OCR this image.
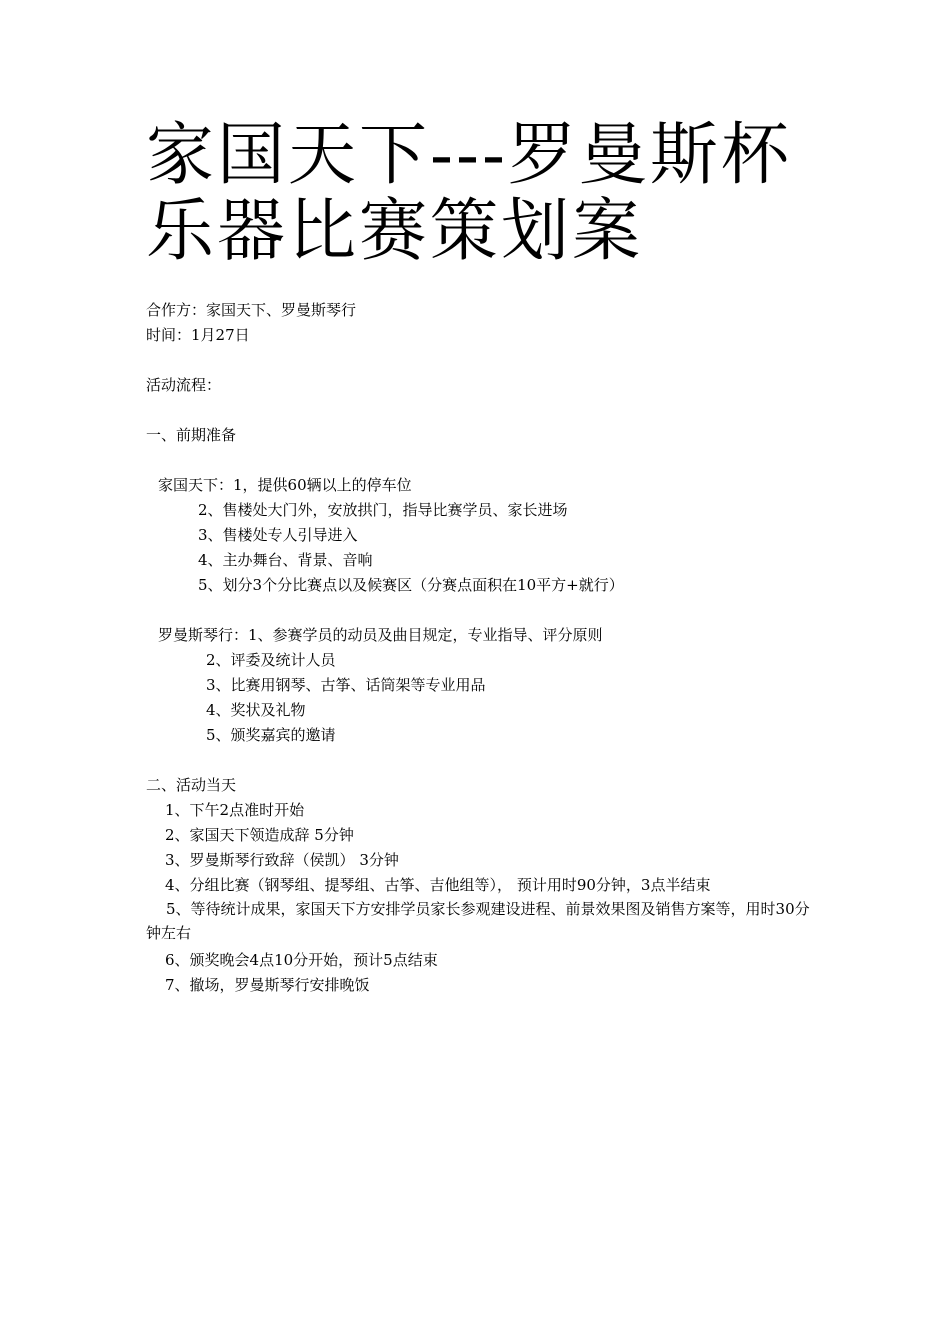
家国天下---罗曼斯杯
乐器比赛策划案
合作方：家国天下、罗曼斯琴行
时间：1月27日
活动流程：
一、前期准备
家国天下：1，提供60辆以上的停车位
2、售楼处大门外，安放拱门，指导比赛学员、家长进场
3、售楼处专人引导进入
4、主办舞台、背景、音响
5、划分3个分比赛点以及候赛区（分赛点面积在10平方+就行）
罗曼斯琴行：1、参赛学员的动员及曲目规定，专业指导、评分原则
2、评委及统计人员
3、比赛用钢琴、古筝、话筒架等专业用品
4、奖状及礼物
5、颁奖嘉宾的邀请
二、活动当天
1、下午2点准时开始
2、家国天下领造成辞 5分钟
3、罗曼斯琴行致辞（侯凯） 3分钟
4、分组比赛（钢琴组、提琴组、古筝、吉他组等）， 预计用时90分钟，3点半结束
5、等待统计成果，家国天下方安排学员家长参观建设进程、前景效果图及销售方案等，用时30分钟左右
6、颁奖晚会4点10分开始，预计5点结束
7、撤场，罗曼斯琴行安排晚饭
